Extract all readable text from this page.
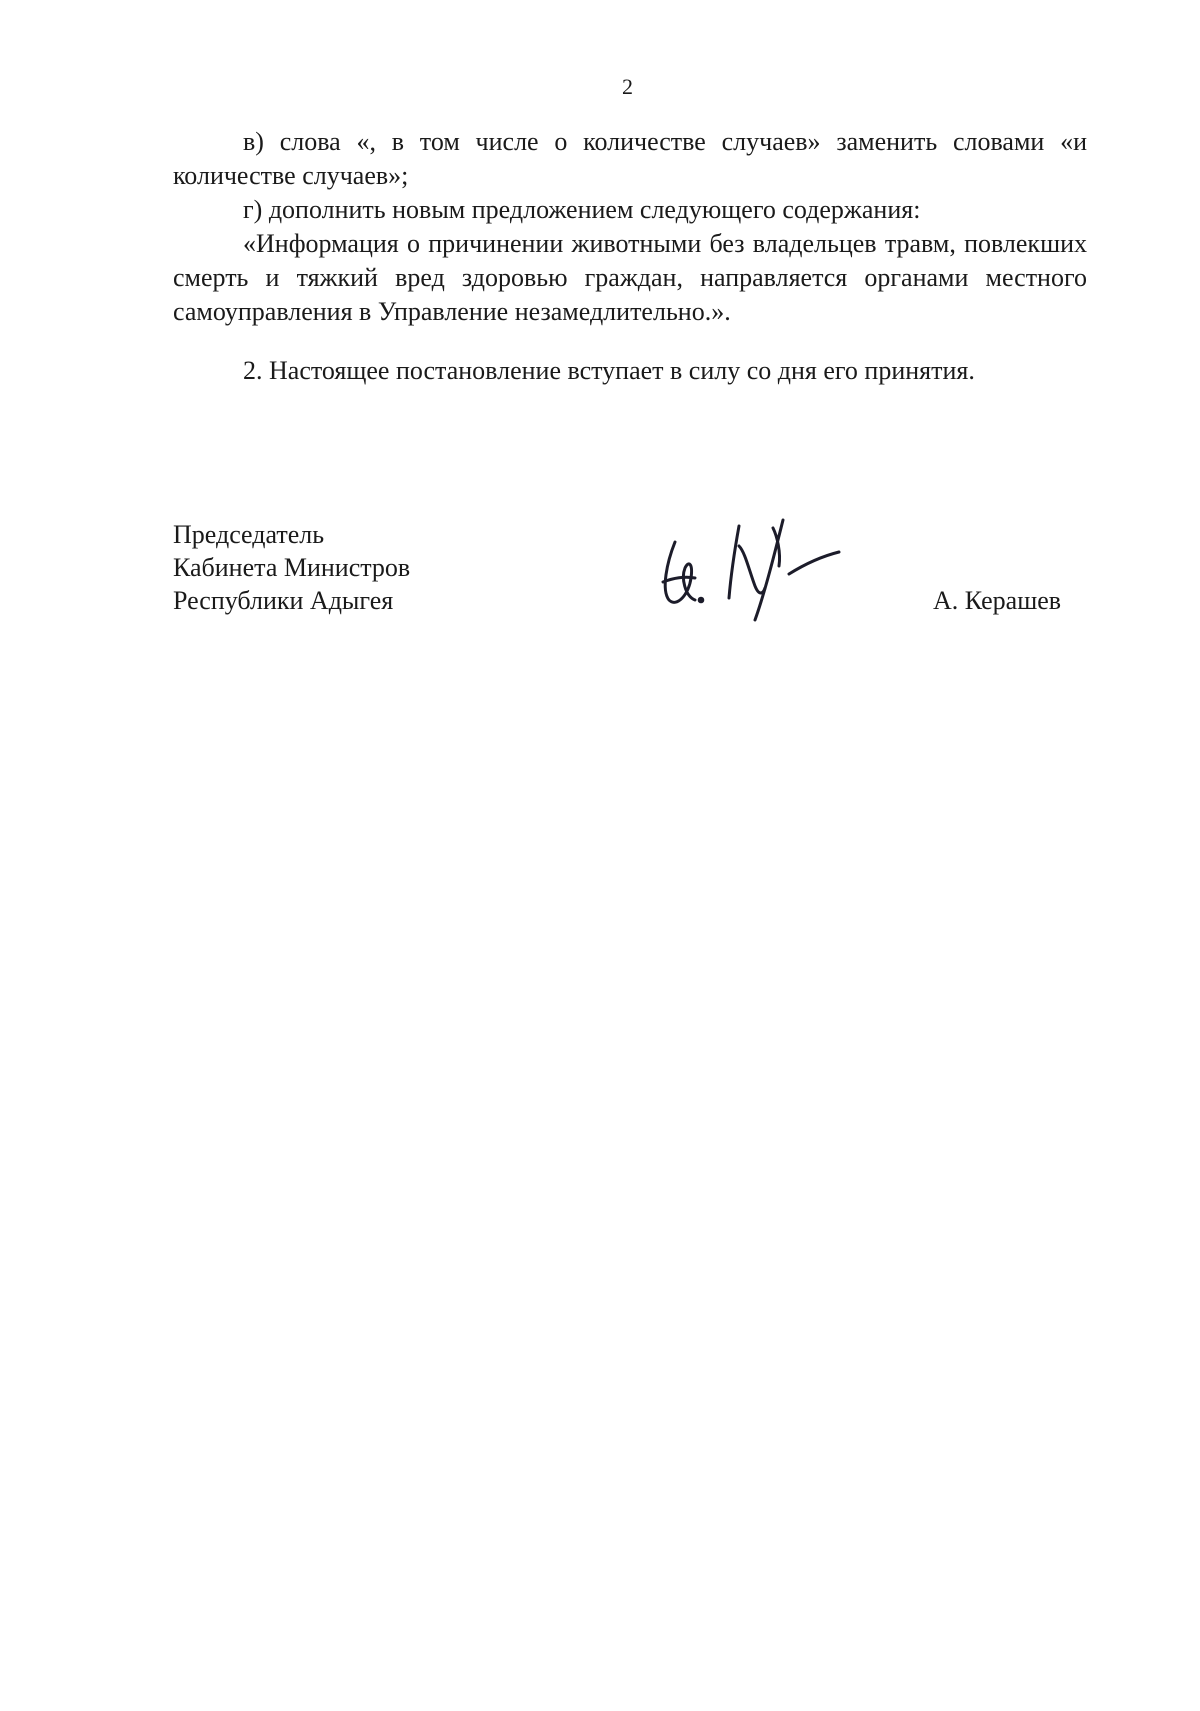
2

в) слова «, в том числе о количестве случаев» заменить словами «и количестве случаев»;

г) дополнить новым предложением следующего содержания:

«Информация о причинении животными без владельцев травм, повлекших смерть и тяжкий вред здоровью граждан, направляется органами местного самоуправления в Управление незамедлительно.».

2. Настоящее постановление вступает в силу со дня его принятия.

Председатель
Кабинета Министров
Республики Адыгея	А. Керашев
